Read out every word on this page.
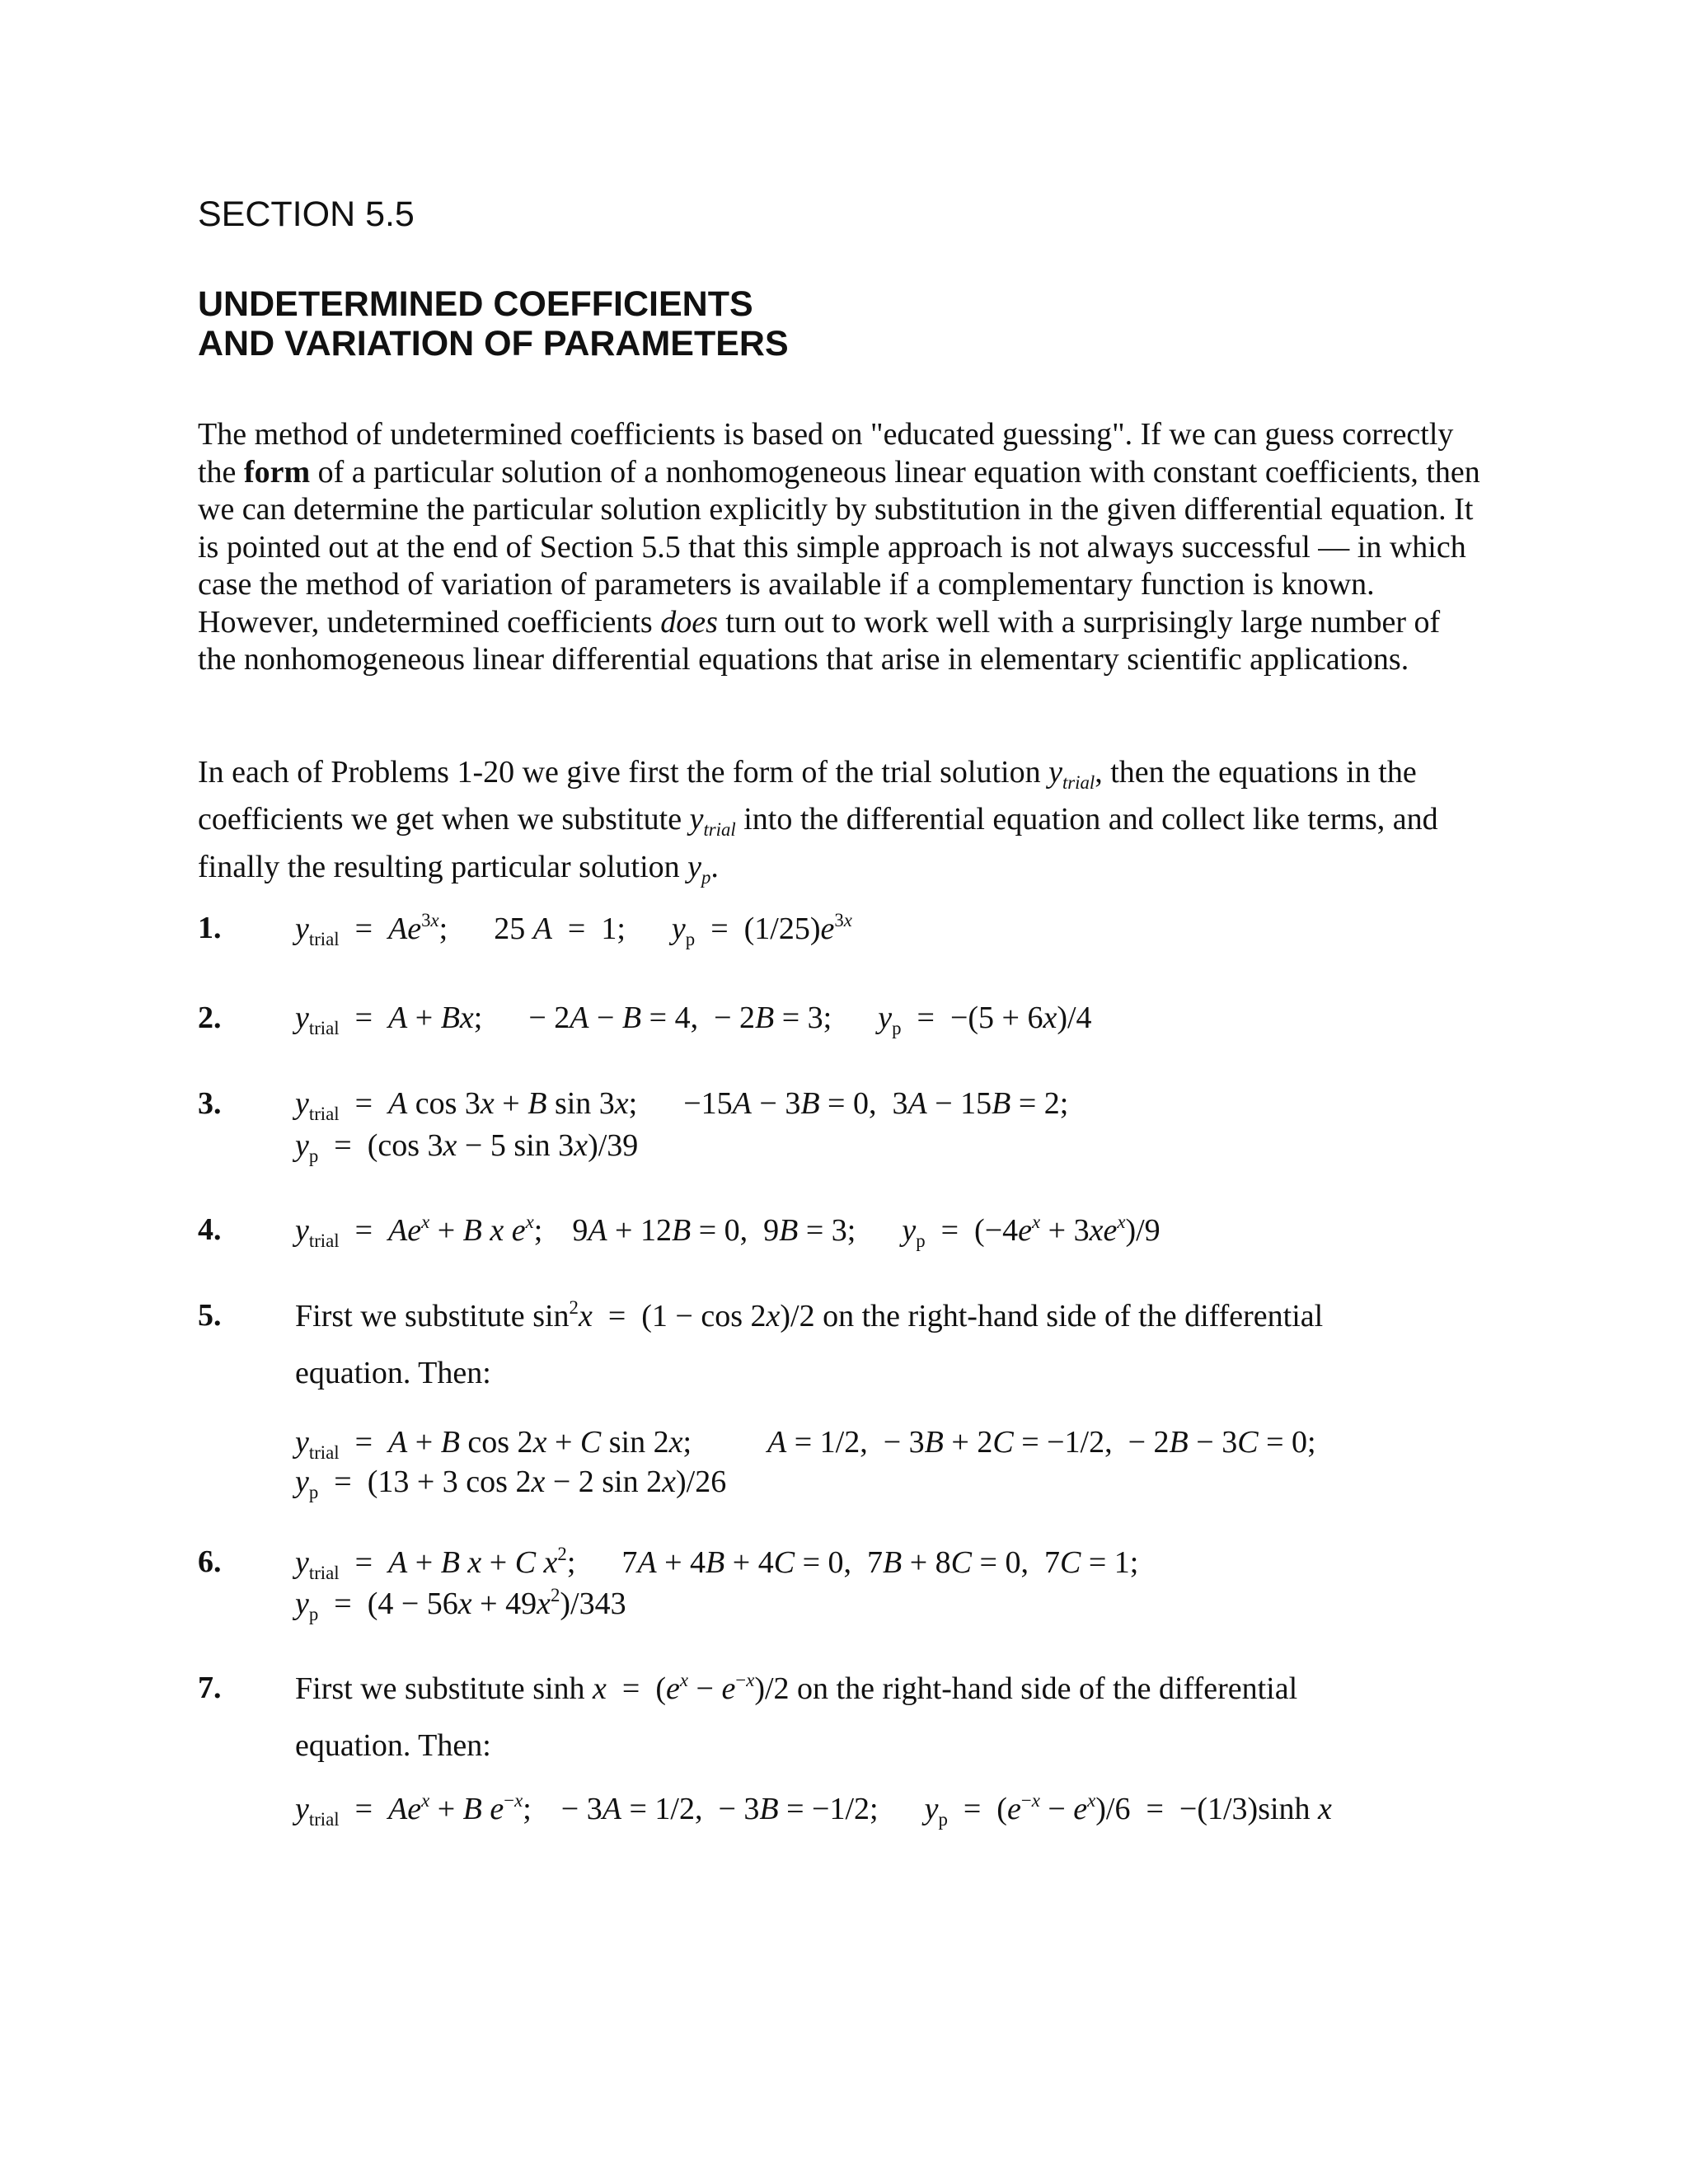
SECTION 5.5
UNDETERMINED COEFFICIENTS
AND VARIATION OF PARAMETERS

The method of undetermined coefficients is based on "educated guessing". If we can guess correctly the form of a particular solution of a nonhomogeneous linear equation with constant coefficients, then we can determine the particular solution explicitly by substitution in the given differential equation. It is pointed out at the end of Section 5.5 that this simple approach is not always successful — in which case the method of variation of parameters is available if a complementary function is known. However, undetermined coefficients does turn out to work well with a surprisingly large number of the nonhomogeneous linear differential equations that arise in elementary scientific applications.

In each of Problems 1-20 we give first the form of the trial solution $y_{trial}$, then the equations in the coefficients we get when we substitute $y_{trial}$ into the differential equation and collect like terms, and finally the resulting particular solution $y_p$.

1. $y_{trial} = Ae^{3x}$; 25 A  =  1; $y_p = (1/25)e^{3x}$
2. $y_{trial} = A + Bx$; − 2A − B = 4,  − 2B = 3; $y_p = -(5 + 6x)/4$
3. $y_{trial} = A$ cos 3x + B sin 3x; −15A − 3B = 0,  3A − 15B = 2;
$y_p = (\cos$ 3x − 5 sin 3x)/39
4. $y_{trial} = Ae^x + B$ x $e^x$; 9A + 12B = 0,  9B = 3; $y_p = (-4e^x + 3xe^x)/9$
5. First we substitute $\sin^2x = (1 - \cos 2x)/2$ on the right-hand side of the differential
equation. Then:
$y_{trial} = A + B$ cos 2x + C sin 2x; A = 1/2,  − 3B + 2C = −1/2,  − 2B − 3C = 0;
$y_p = (13 + 3$ cos 2x − 2 sin 2x)/26
6. $y_{trial} = A + B$ x + C $x^2$; 7A + 4B + 4C = 0,  7B + 8C = 0,  7C = 1;
$y_p = (4 - 56x + 49x^2)/343$
7. First we substitute $\sinh x = (e^x - e^{-x})/2$ on the right-hand side of the differential
equation. Then:
$y_{trial} = Ae^x + B$ $e^{-x}$; − 3A = 1/2,  − 3B = −1/2; $y_p = (e^{-x} - e^x)/6 = -(1/3)\sinh$ x
